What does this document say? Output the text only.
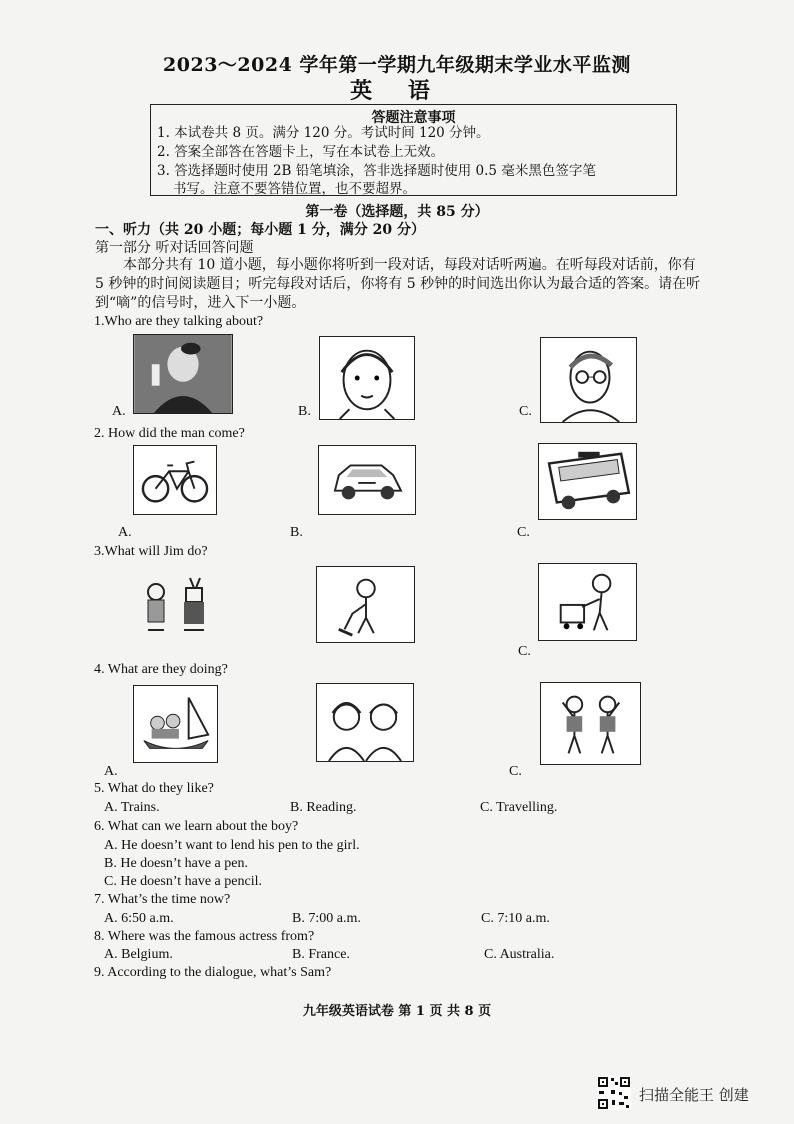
2023～2024 学年第一学期九年级期末学业水平监测
英 语
答题注意事项
1. 本试卷共 8 页。满分 120 分。考试时间 120 分钟。
2. 答案全部答在答题卡上，写在本试卷上无效。
3. 答选择题时使用 2B 铅笔填涂，答非选择题时使用 0.5 毫米黑色签字笔
书写。注意不要答错位置，也不要超界。
第一卷（选择题，共 85 分）
一、听力（共 20 小题；每小题 1 分，满分 20 分）
第一部分 听对话回答问题
本部分共有 10 道小题，每小题你将听到一段对话，每段对话听两遍。在听每段对话前，你有 5 秒钟的时间阅读题目；听完每段对话后，你将有 5 秒钟的时间选出你认为最合适的答案。请在听到“嘀”的信号时，进入下一小题。
1.Who are they talking about?
A.	B.	C.
2. How did the man come?
A.	B.	C.
3.What will Jim do?
C.
4. What are they doing?
A.	C.
5. What do they like?
A. Trains.	B. Reading.	C. Travelling.
6. What can we learn about the boy?
A. He doesn’t want to lend his pen to the girl.
B. He doesn’t have a pen.
C. He doesn’t have a pencil.
7. What’s the time now?
A. 6:50 a.m.	B. 7:00 a.m.	C. 7:10 a.m.
8. Where was the famous actress from?
A. Belgium.	B. France.	C. Australia.
9. According to the dialogue, what’s Sam?
九年级英语试卷 第 1 页 共 8 页
扫描全能王 创建
